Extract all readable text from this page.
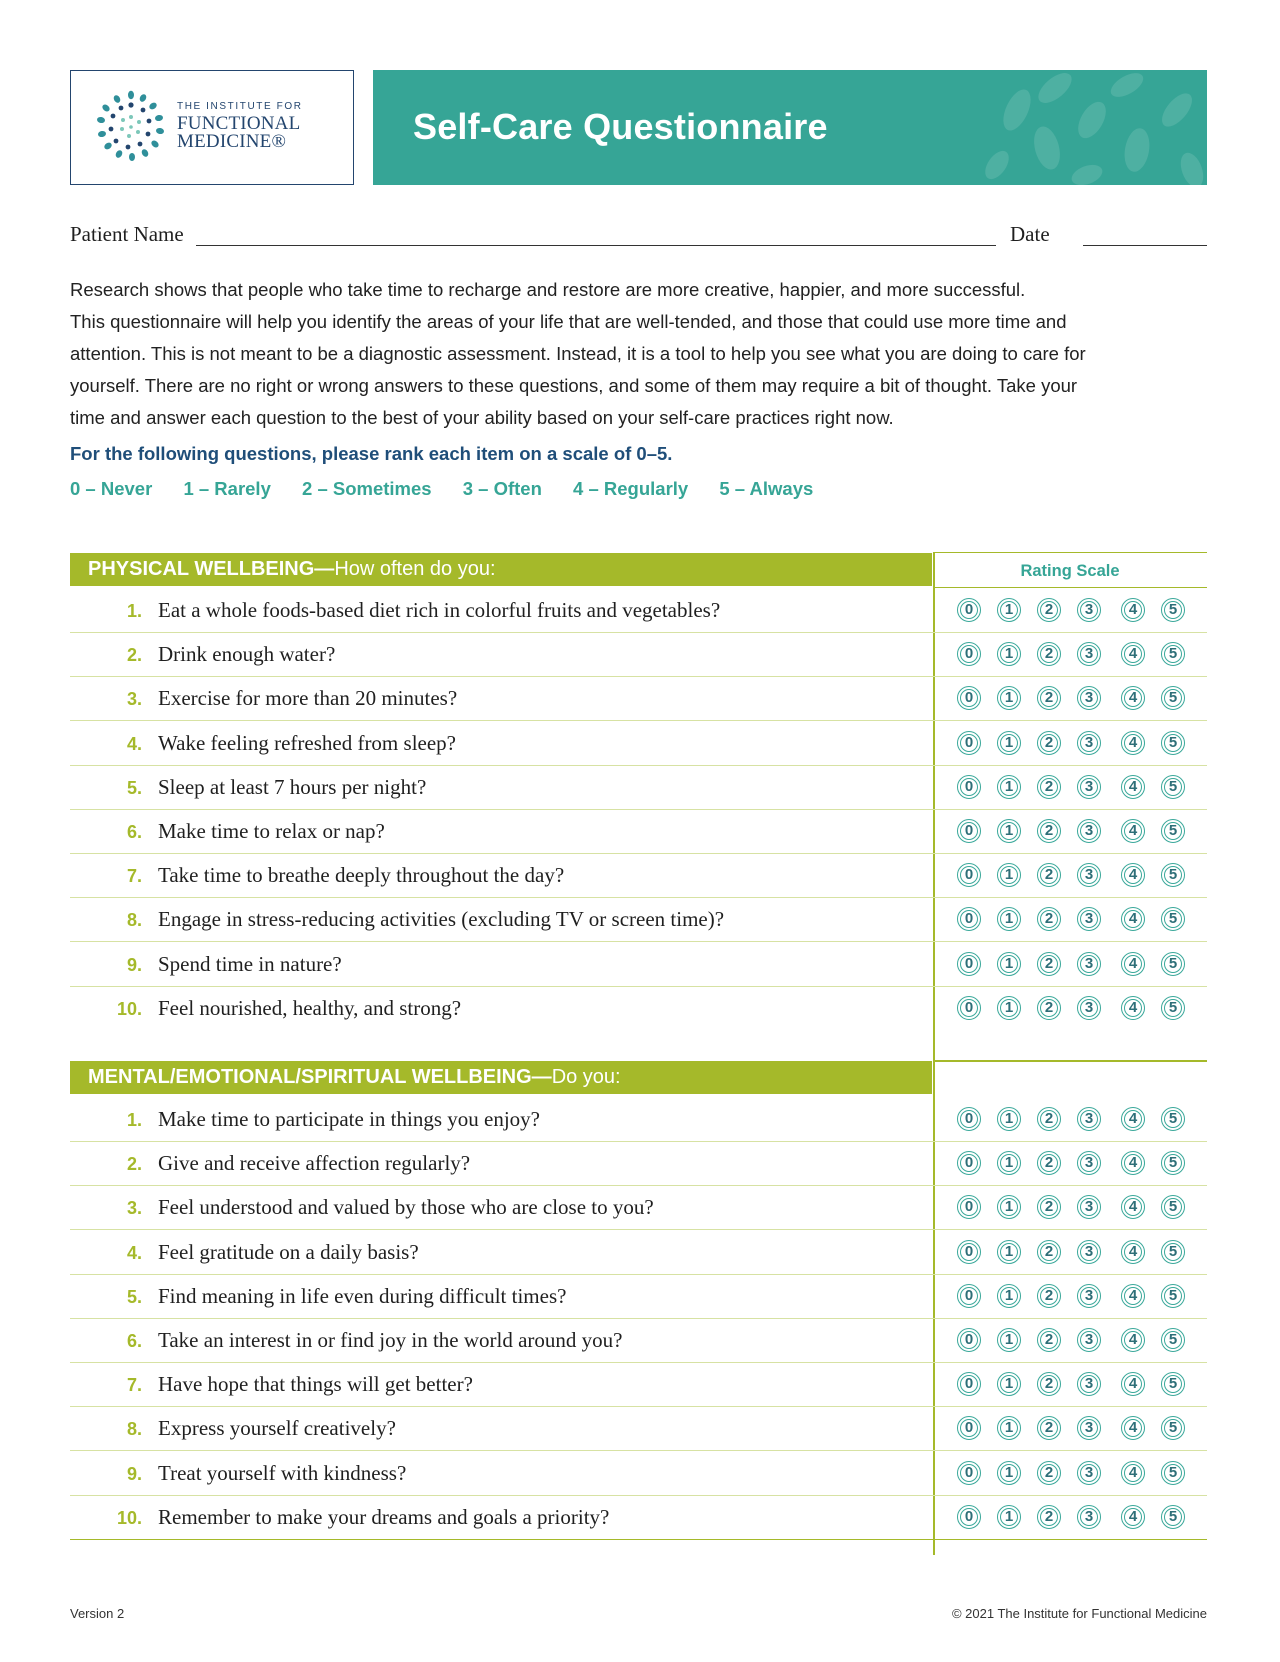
THE INSTITUTE FOR
FUNCTIONAL
MEDICINE®	Self-Care Questionnaire
Patient Name	Date
Research shows that people who take time to recharge and restore are more creative, happier, and more successful.
This questionnaire will help you identify the areas of your life that are well-tended, and those that could use more time and
attention. This is not meant to be a diagnostic assessment. Instead, it is a tool to help you see what you are doing to care for
yourself. There are no right or wrong answers to these questions, and some of them may require a bit of thought. Take your
time and answer each question to the best of your ability based on your self-care practices right now.
For the following questions, please rank each item on a scale of 0–5.
0 – Never 1 – Rarely 2 – Sometimes 3 – Often 4 – Regularly 5 – Always
PHYSICAL WELLBEING—How often do you:	Rating Scale
MENTAL/EMOTIONAL/SPIRITUAL WELLBEING—Do you:
1. Eat a whole foods-based diet rich in colorful fruits and vegetables?	0	1	2	3	4	5
2. Drink enough water?	0	1	2	3	4	5
3. Exercise for more than 20 minutes?	0	1	2	3	4	5
4. Wake feeling refreshed from sleep?	0	1	2	3	4	5
5. Sleep at least 7 hours per night?	0	1	2	3	4	5
6. Make time to relax or nap?	0	1	2	3	4	5
7. Take time to breathe deeply throughout the day?	0	1	2	3	4	5
8. Engage in stress-reducing activities (excluding TV or screen time)?	0	1	2	3	4	5
9. Spend time in nature?	0	1	2	3	4	5
10. Feel nourished, healthy, and strong?	0	1	2	3	4	5
1. Make time to participate in things you enjoy?	0	1	2	3	4	5
2. Give and receive affection regularly?	0	1	2	3	4	5
3. Feel understood and valued by those who are close to you?	0	1	2	3	4	5
4. Feel gratitude on a daily basis?	0	1	2	3	4	5
5. Find meaning in life even during difficult times?	0	1	2	3	4	5
6. Take an interest in or find joy in the world around you?	0	1	2	3	4	5
7. Have hope that things will get better?	0	1	2	3	4	5
8. Express yourself creatively?	0	1	2	3	4	5
9. Treat yourself with kindness?	0	1	2	3	4	5
10. Remember to make your dreams and goals a priority?	0	1	2	3	4	5
Version 2	© 2021 The Institute for Functional Medicine
